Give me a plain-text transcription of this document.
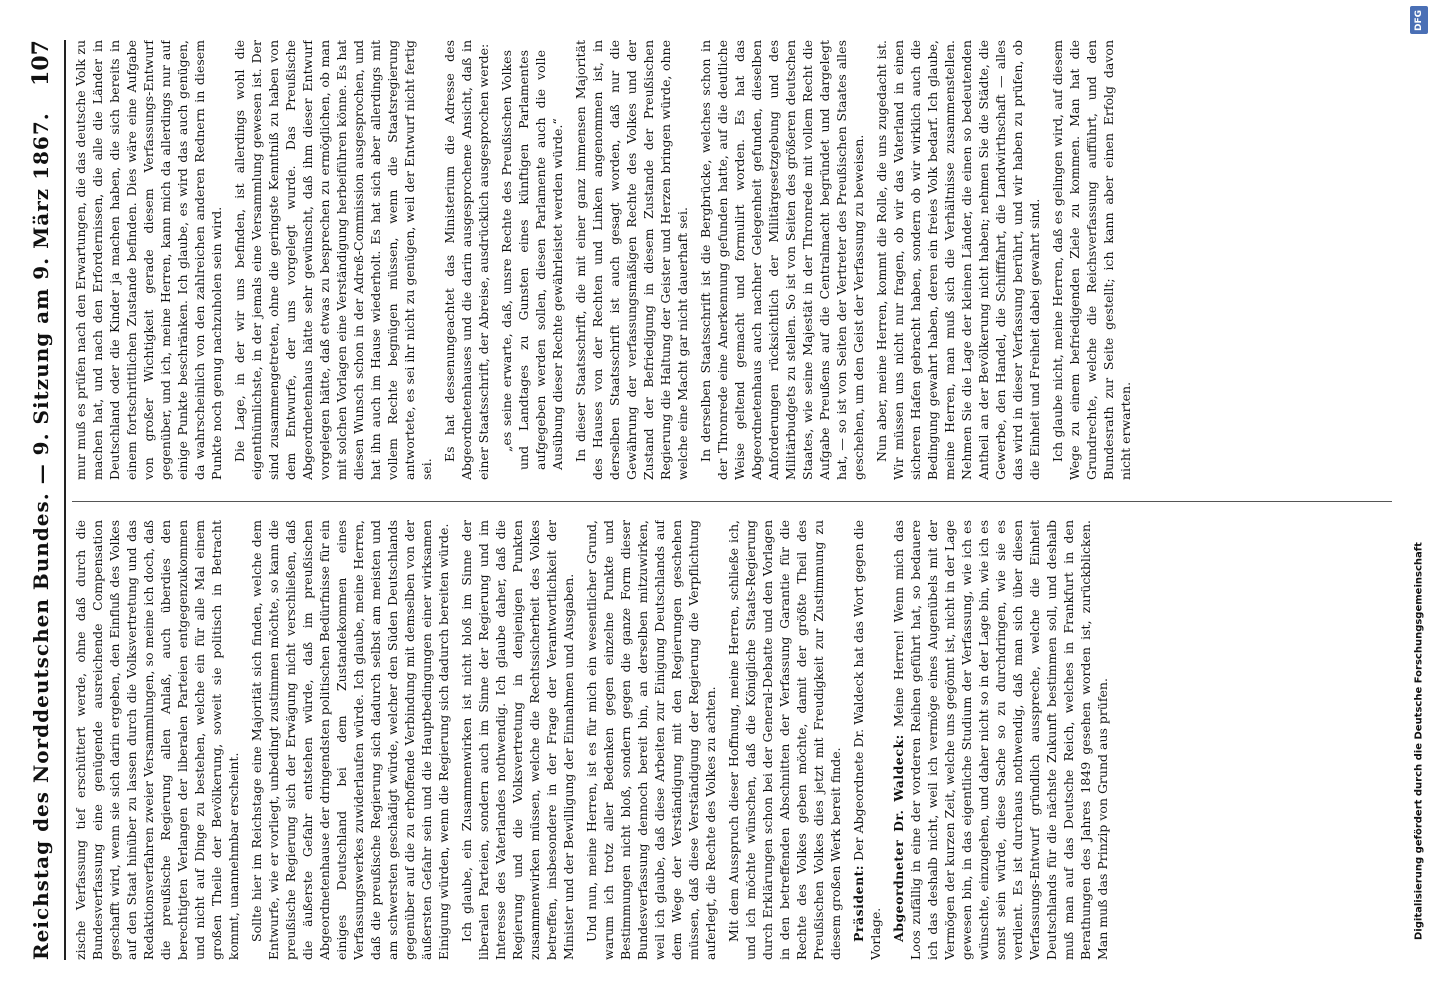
Reichstag des Norddeutschen Bundes. — 9. Sitzung am 9. März 1867.
107

zische Verfassung tief erschüttert werde, ohne daß durch die Bundesverfassung eine genügende ausreichende Compensation geschafft wird, wenn sie sich darin ergeben, den Einfluß des Volkes auf den Staat hinüber zu lassen durch die Volksvertretung und das Redaktionsverfahren zweier Versammlungen, so meine ich doch, daß die preußische Regierung allen Anlaß, auch überdies den berechtigten Verlangen der liberalen Parteien entgegenzukommen und nicht auf Dinge zu bestehen, welche ein für alle Mal einem großen Theile der Bevölkerung, soweit sie politisch in Betracht kommt, unannehmbar erscheint. Sollte hier im Reichstage eine Majorität sich finden, welche dem Entwurfe, wie er vorliegt, unbedingt zustimmen möchte, so kann die preußische Regierung sich der Erwägung nicht verschließen, daß die äußerste Gefahr entstehen würde, daß im preußischen Abgeordnetenhause der dringendsten politischen Bedürfnisse für ein einiges Deutschland bei dem Zustandekommen eines Verfassungswerkes zuwiderlaufen würde. Ich glaube, meine Herren, daß die preußische Regierung sich dadurch selbst am meisten und am schwersten geschädigt würde, welcher den Süden Deutschlands gegenüber auf die zu erhoffende Verbindung mit demselben von der äußersten Gefahr sein und die Hauptbedingungen einer wirksamen Einigung würden, wenn die Regierung sich dadurch bereiten würde. Ich glaube, ein Zusammenwirken ist nicht bloß im Sinne der liberalen Parteien, sondern auch im Sinne der Regierung und im Interesse des Vaterlandes nothwendig. Ich glaube daher, daß die Regierung und die Volksvertretung in denjenigen Punkten zusammenwirken müssen, welche die Rechtssicherheit des Volkes betreffen, insbesondere in der Frage der Verantwortlichkeit der Minister und der Bewilligung der Einnahmen und Ausgaben. Und nun, meine Herren, ist es für mich ein wesentlicher Grund, warum ich trotz aller Bedenken gegen einzelne Punkte und Bestimmungen nicht bloß, sondern gegen die ganze Form dieser Bundesverfassung dennoch bereit bin, an derselben mitzuwirken, weil ich glaube, daß diese Arbeiten zur Einigung Deutschlands auf dem Wege der Verständigung mit den Regierungen geschehen müssen, daß diese Verständigung der Regierung die Verpflichtung auferlegt, die Rechte des Volkes zu achten. Mit dem Ausspruch dieser Hoffnung, meine Herren, schließe ich, und ich möchte wünschen, daß die Königliche Staats-Regierung durch Erklärungen schon bei der General-Debatte und den Vorlagen in den betreffenden Abschnitten der Verfassung Garantie für die Rechte des Volkes geben möchte, damit der größte Theil des Preußischen Volkes dies jetzt mit Freudigkeit zur Zustimmung zu diesem großen Werk bereit finde. Präsident: Der Abgeordnete Dr. Waldeck hat das Wort gegen die Vorlage. Abgeordneter Dr. Waldeck: Meine Herren! Wenn mich das Loos zufällig in eine der vorderen Reihen geführt hat, so bedauere ich das deshalb nicht, weil ich vermöge eines Augenübels mit der Vermögen der kurzen Zeit, welche uns gegönnt ist, nicht in der Lage gewesen bin, in das eigentliche Studium der Verfassung, wie ich es wünschte, einzugehen, und daher nicht so in der Lage bin, wie ich es sonst sein würde, diese Sache so zu durchdringen, wie sie es verdient. Es ist durchaus nothwendig, daß man sich über diesen Verfassungs-Entwurf gründlich ausspreche, welche die Einheit Deutschlands für die nächste Zukunft bestimmen soll, und deshalb muß man auf das Deutsche Reich, welches in Frankfurt in den Berathungen des Jahres 1849 gesehen worden ist, zurückblicken. Man muß das Prinzip von Grund aus prüfen.

mur muß es prüfen nach den Erwartungen, die das deutsche Volk zu machen hat, und nach den Erfordernissen, die alle die Länder in Deutschland oder die Kinder ja machen haben, die sich bereits in einem fortschrittlichen Zustande befinden. Dies wäre eine Aufgabe von großer Wichtigkeit gerade diesem Verfassungs-Entwurf gegenüber, und ich, meine Herren, kann mich da allerdings nur auf einige Punkte beschränken. Ich glaube, es wird das auch genügen, da wahrscheinlich von den zahlreichen anderen Rednern in diesem Punkte noch genug nachzuholen sein wird. Die Lage, in der wir uns befinden, ist allerdings wohl die eigenthümlichste, in der jemals eine Versammlung gewesen ist. Der sind zusammengetreten, ohne die geringste Kenntniß zu haben von dem Entwurfe, der uns vorgelegt wurde. Das Preußische Abgeordnetenhaus hätte sehr gewünscht, daß ihm dieser Entwurf vorgelegen hätte, daß etwas zu besprechen zu ermöglichen, ob man mit solchen Vorlagen eine Verständigung herbeiführen könne. Es hat diesen Wunsch schon in der Adreß-Commission ausgesprochen, und hat ihn auch im Hause wiederholt. Es hat sich aber allerdings mit vollem Rechte begnügen müssen, wenn die Staatsregierung antwortete, es sei ihr nicht zu genügen, weil der Entwurf nicht fertig sei.

Es hat dessenungeachtet das Ministerium die Adresse des Abgeordnetenhauses und die darin ausgesprochene Ansicht, daß in einer Staatsschrift, der Abreise, ausdrücklich ausgesprochen werde: „es seine erwarte, daß, unsre Rechte des Preußischen Volkes und Landtages zu Gunsten eines künftigen Parlamentes aufgegeben werden sollen, diesen Parlamente auch die volle Ausübung dieser Rechte gewährleistet werden würde.“ In dieser Staatsschrift, die mit einer ganz immensen Majorität des Hauses von der Rechten und Linken angenommen ist, in derselben Staatsschrift ist auch gesagt worden, daß nur die Gewährung der verfassungsmäßigen Rechte des Volkes und der Zustand der Befriedigung in diesem Zustande der Preußischen Regierung die Haltung der Geister und Herzen bringen würde, ohne welche eine Macht gar nicht dauerhaft sei. In derselben Staatsschrift ist die Bergbrücke, welches schon in der Thronrede eine Anerkennung gefunden hatte, auf die deutliche Weise geltend gemacht und formulirt worden. Es hat das Abgeordnetenhaus auch nachher Gelegenheit gefunden, dieselben Anforderungen rücksichtlich der Militärgesetzgebung und des Militärbudgets zu stellen. So ist von Seiten des größeren deutschen Staates, wie seine Majestät in der Thronrede mit vollem Recht die Aufgabe Preußens auf die Centralmacht begründet und dargelegt hat, — so ist von Seiten der Vertreter des Preußischen Staates alles geschehen, um den Geist der Verfassung zu beweisen. Nun aber, meine Herren, kommt die Rolle, die uns zugedacht ist. Wir müssen uns nicht nur fragen, ob wir das Vaterland in einen sicheren Hafen gebracht haben, sondern ob wir wirklich auch die Bedingung gewahrt haben, deren ein freies Volk bedarf. Ich glaube, meine Herren, man muß sich die Verhältnisse zusammenstellen. Nehmen Sie die Lage der kleinen Länder, die einen so bedeutenden Antheil an der Bevölkerung nicht haben; nehmen Sie die Städte, die Gewerbe, den Handel, die Schifffahrt, die Landwirthschaft — alles das wird in dieser Verfassung berührt, und wir haben zu prüfen, ob die Einheit und Freiheit dabei gewahrt sind. Ich glaube nicht, meine Herren, daß es gelingen wird, auf diesem Wege zu einem befriedigenden Ziele zu kommen. Man hat die Grundrechte, welche die Reichsverfassung aufführt, und den Bundesrath zur Seite gestellt; ich kann aber einen Erfolg davon nicht erwarten.

DFG
Digitalisierung gefördert durch die Deutsche Forschungsgemeinschaft
